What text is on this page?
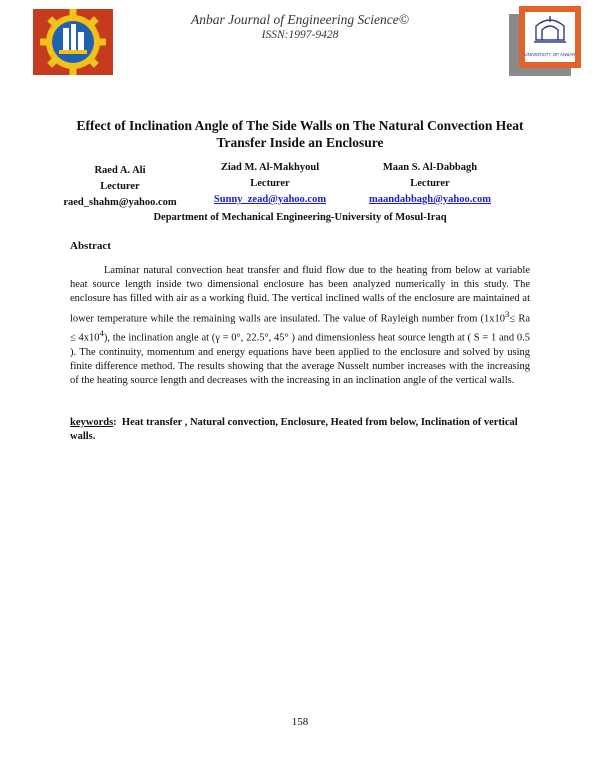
Anbar Journal of Engineering Science©
ISSN:1997-9428
UNIVERSITY OF ANBAR
Effect of Inclination Angle of The Side Walls on The Natural Convection Heat Transfer Inside an Enclosure
Raed A. Ali
Lecturer
raed_shahm@yahoo.com
Ziad M. Al-Makhyoul
Lecturer
Sunny_zead@yahoo.com
Maan S. Al-Dabbagh
Lecturer
maandabbagh@yahoo.com
Department of Mechanical Engineering-University of Mosul-Iraq
Abstract
Laminar natural convection heat transfer and fluid flow due to the heating from below at variable heat source length inside two dimensional enclosure has been analyzed numerically in this study. The enclosure has filled with air as a working fluid. The vertical inclined walls of the enclosure are maintained at lower temperature while the remaining walls are insulated. The value of Rayleigh number from $(1x10^3\le Ra \le 4x10^4)$, the inclination angle at (γ = 0°, 22.5°, 45° ) and dimensionless heat source length at ( S = 1 and 0.5 ). The continuity, momentum and energy equations have been applied to the enclosure and solved by using finite difference method. The results showing that the average Nusselt number increases with the increasing of the heating source length and decreases with the increasing in an inclination angle of the vertical walls.
keywords:  Heat transfer , Natural convection, Enclosure, Heated from below, Inclination of vertical walls.
158
